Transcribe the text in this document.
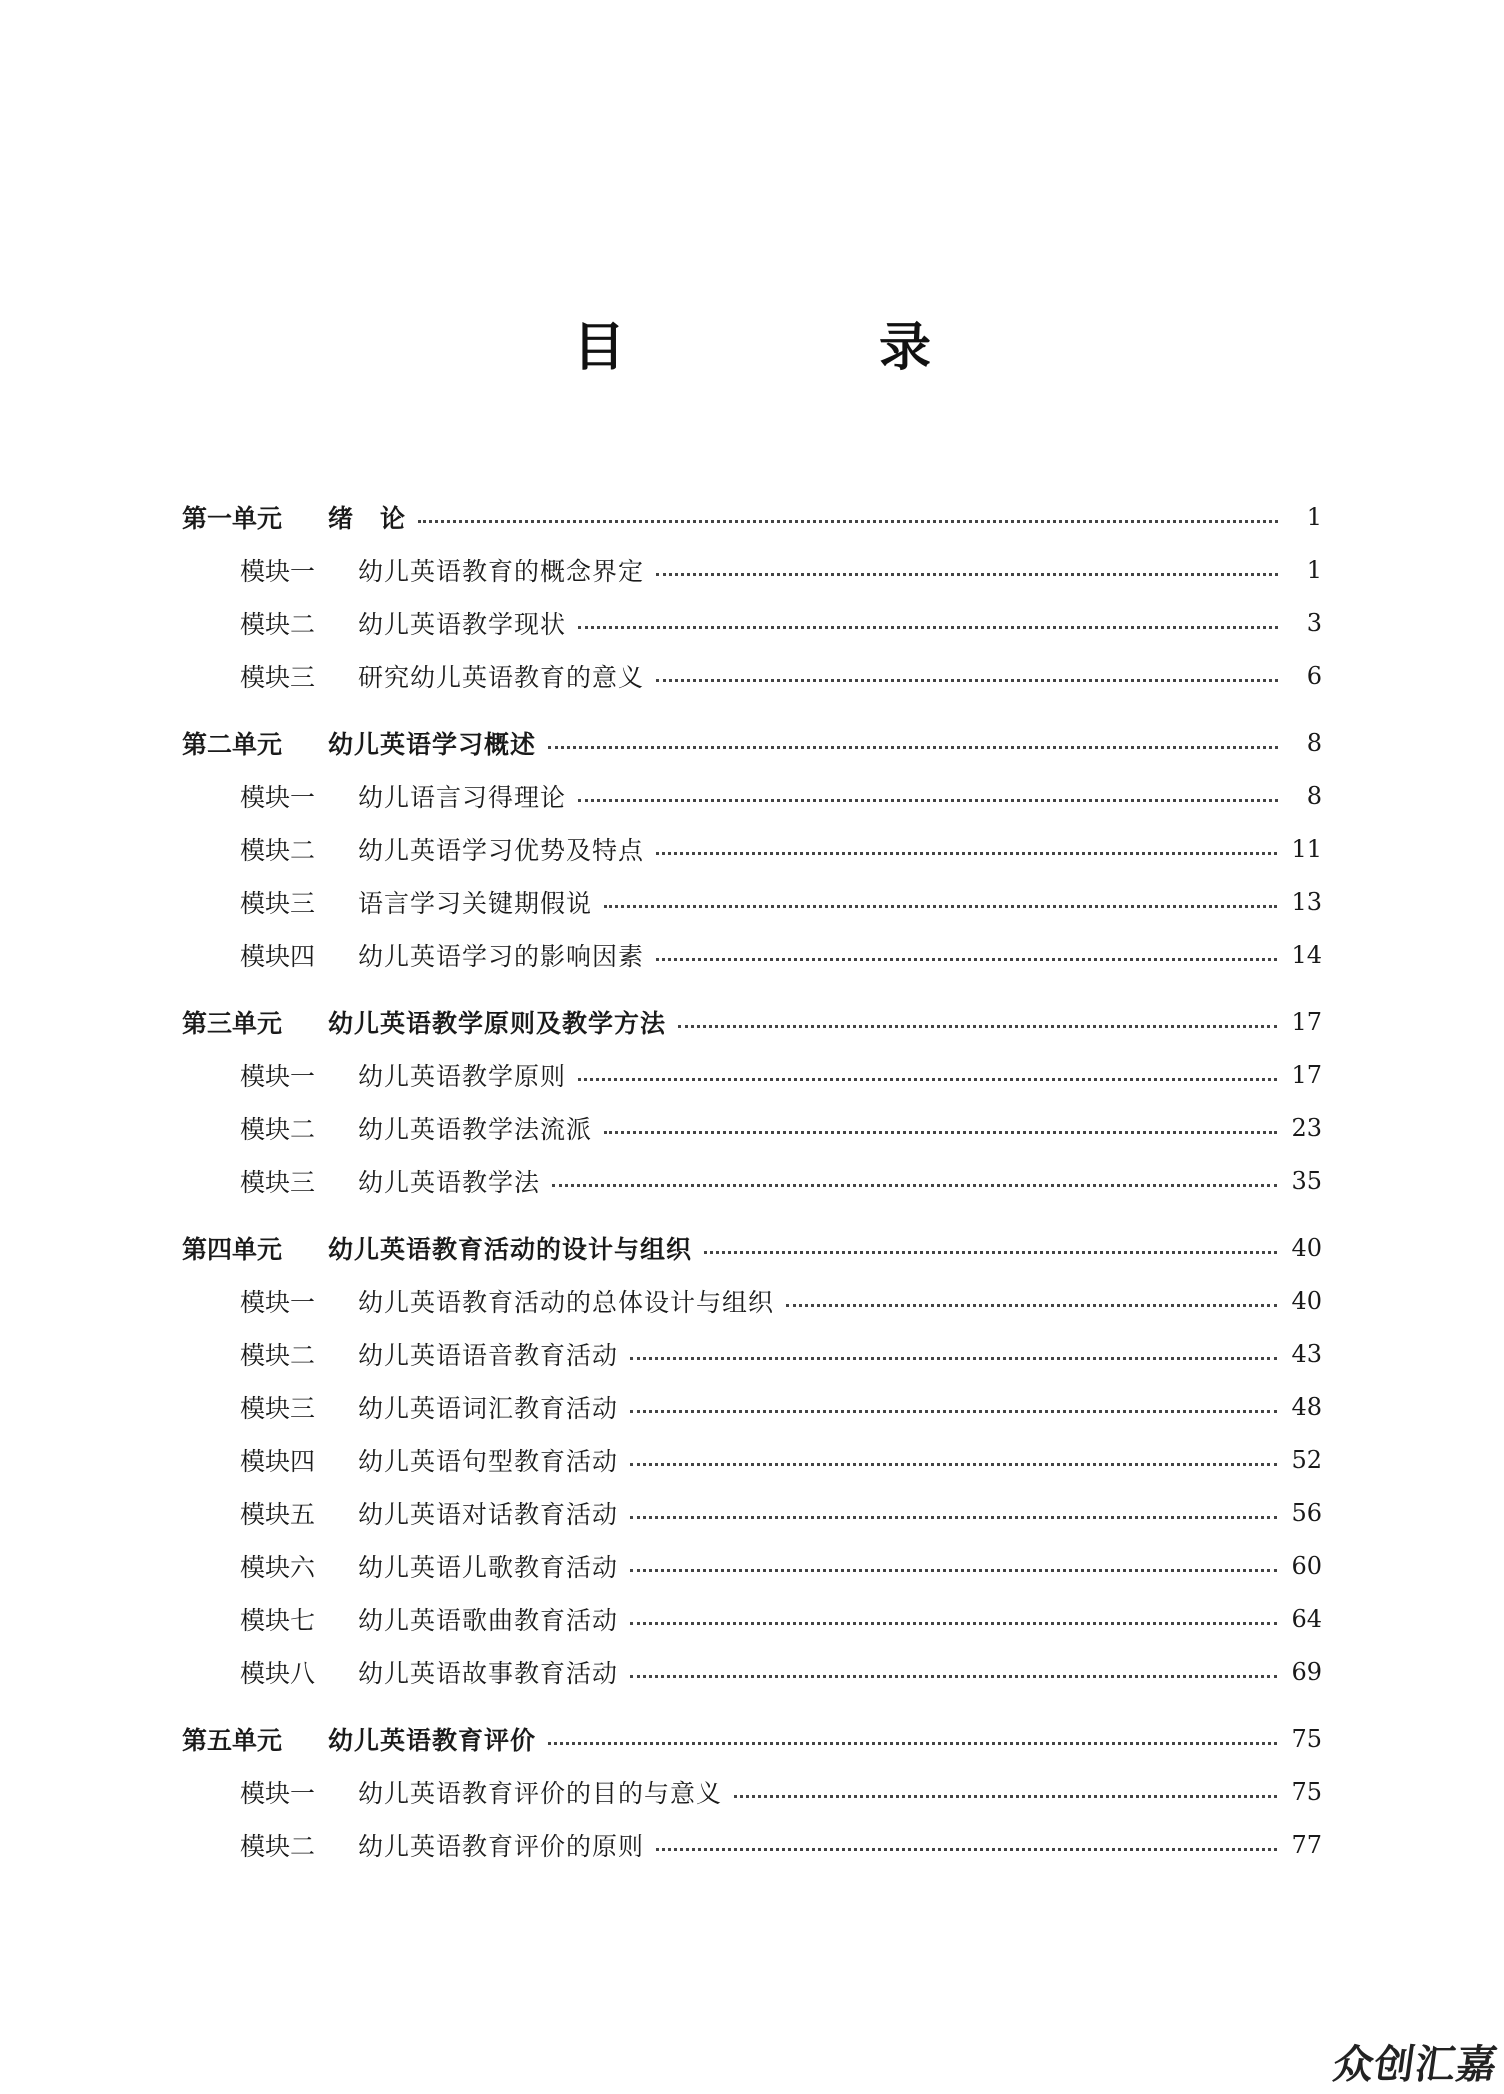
目 录
第一单元	绪　论	1
模块一	幼儿英语教育的概念界定	1
模块二	幼儿英语教学现状	3
模块三	研究幼儿英语教育的意义	6
第二单元	幼儿英语学习概述	8
模块一	幼儿语言习得理论	8
模块二	幼儿英语学习优势及特点	11
模块三	语言学习关键期假说	13
模块四	幼儿英语学习的影响因素	14
第三单元	幼儿英语教学原则及教学方法	17
模块一	幼儿英语教学原则	17
模块二	幼儿英语教学法流派	23
模块三	幼儿英语教学法	35
第四单元	幼儿英语教育活动的设计与组织	40
模块一	幼儿英语教育活动的总体设计与组织	40
模块二	幼儿英语语音教育活动	43
模块三	幼儿英语词汇教育活动	48
模块四	幼儿英语句型教育活动	52
模块五	幼儿英语对话教育活动	56
模块六	幼儿英语儿歌教育活动	60
模块七	幼儿英语歌曲教育活动	64
模块八	幼儿英语故事教育活动	69
第五单元	幼儿英语教育评价	75
模块一	幼儿英语教育评价的目的与意义	75
模块二	幼儿英语教育评价的原则	77
众创汇嘉
